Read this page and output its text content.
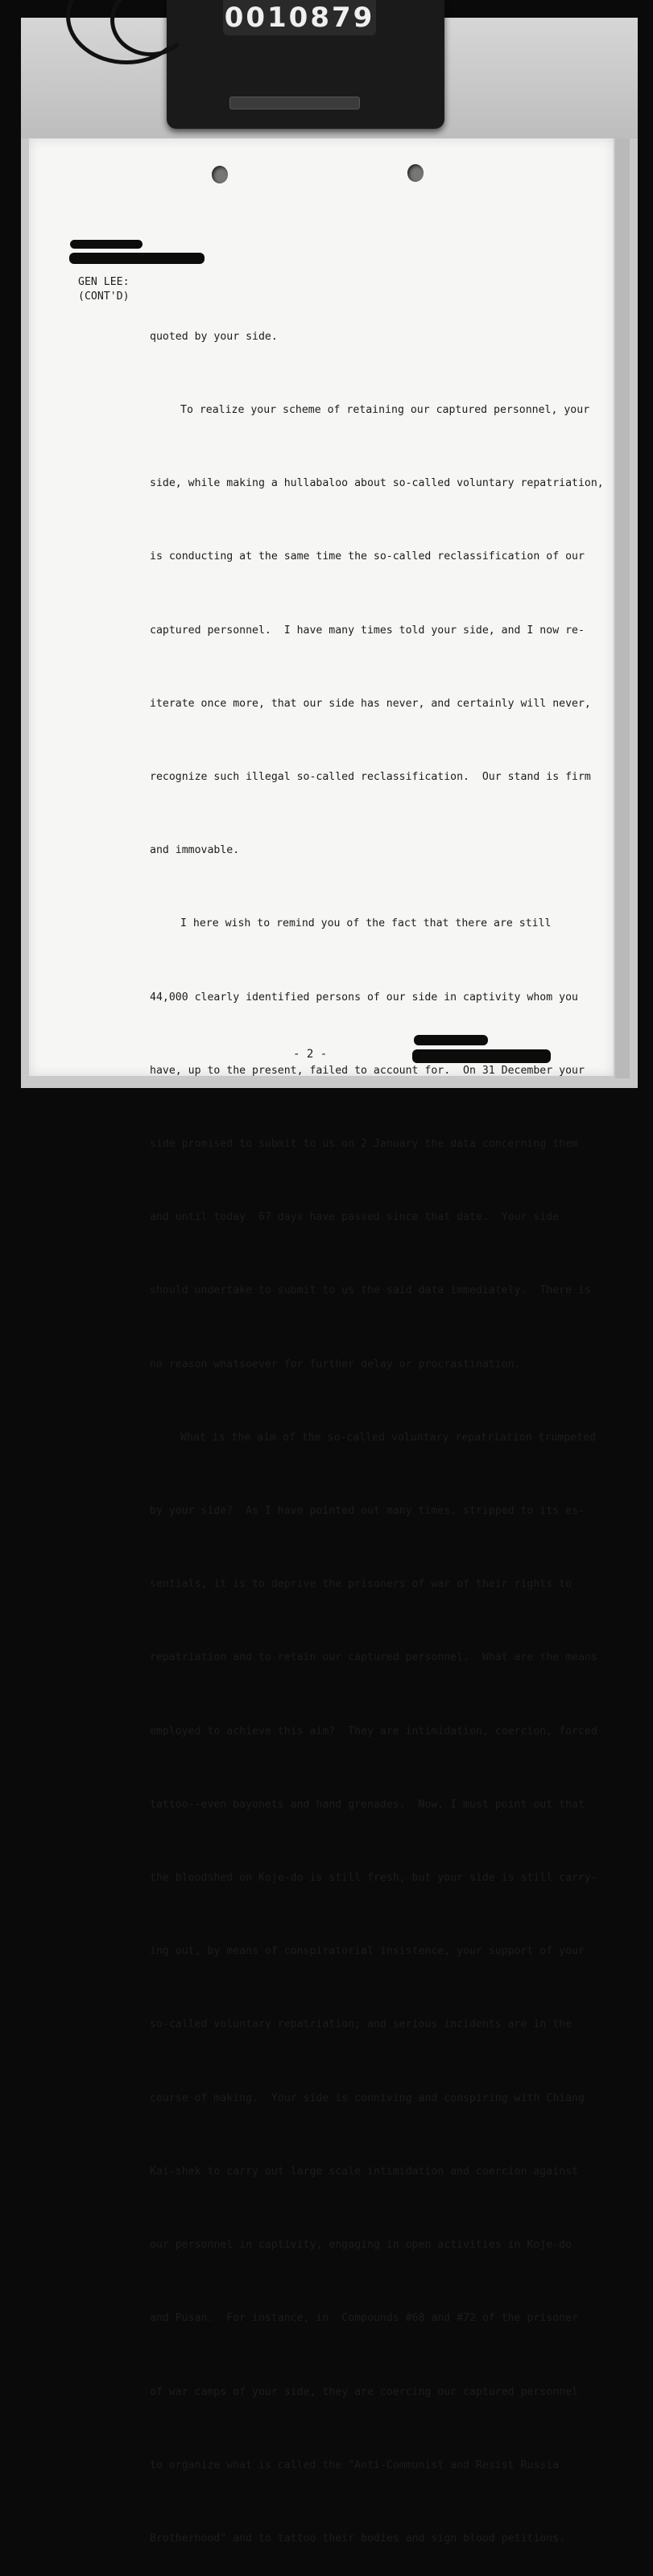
0010879
GEN LEE:
(CONT'D)

quoted by your side.

To realize your scheme of retaining our captured personnel, your

side, while making a hullabaloo about so-called voluntary repatriation,

is conducting at the same time the so-called reclassification of our

captured personnel.  I have many times told your side, and I now re-

iterate once more, that our side has never, and certainly will never,

recognize such illegal so-called reclassification.  Our stand is firm

and immovable.

I here wish to remind you of the fact that there are still

44,000 clearly identified persons of our side in captivity whom you

have, up to the present, failed to account for.  On 31 December your

side promised to submit to us on 2 January the data concerning them

and until today  67 days have passed since that date.  Your side

should undertake to submit to us the said data immediately.  There is

no reason whatsoever for further delay or procrastination.

What is the aim of the so-called voluntary repatriation trumpeted

by your side?  As I have pointed out many times, stripped to its es-

sentials, it is to deprive the prisoners of war of their rights to

repatriation and to retain our captured personnel.  What are the means

employed to achieve this aim?  They are intimidation, coercion, forced

tattoo--even bayonets and hand grenades.  Now, I must point out that

the bloodshed on Koje-do is still fresh, but your side is still carry-

ing out, by means of conspiratorial insistence, your support of your

so-called voluntary repatriation; and serious incidents are in the

course of making.  Your side is conniving and conspiring with Chiang

Kai-shek to carry out large scale intimidation and coercion against

our personnel in captivity, engaging in open activities in Koje-do

and Pusan.  For instance, in  Compounds #68 and #72 of the prisoner

of war camps of your side, they are coercing our captured personnel

to organize what is called the "Anti-Communist and Resist Russia

Brotherhood" and to tattoo their bodies and sign blood petitions.

- 2 -
